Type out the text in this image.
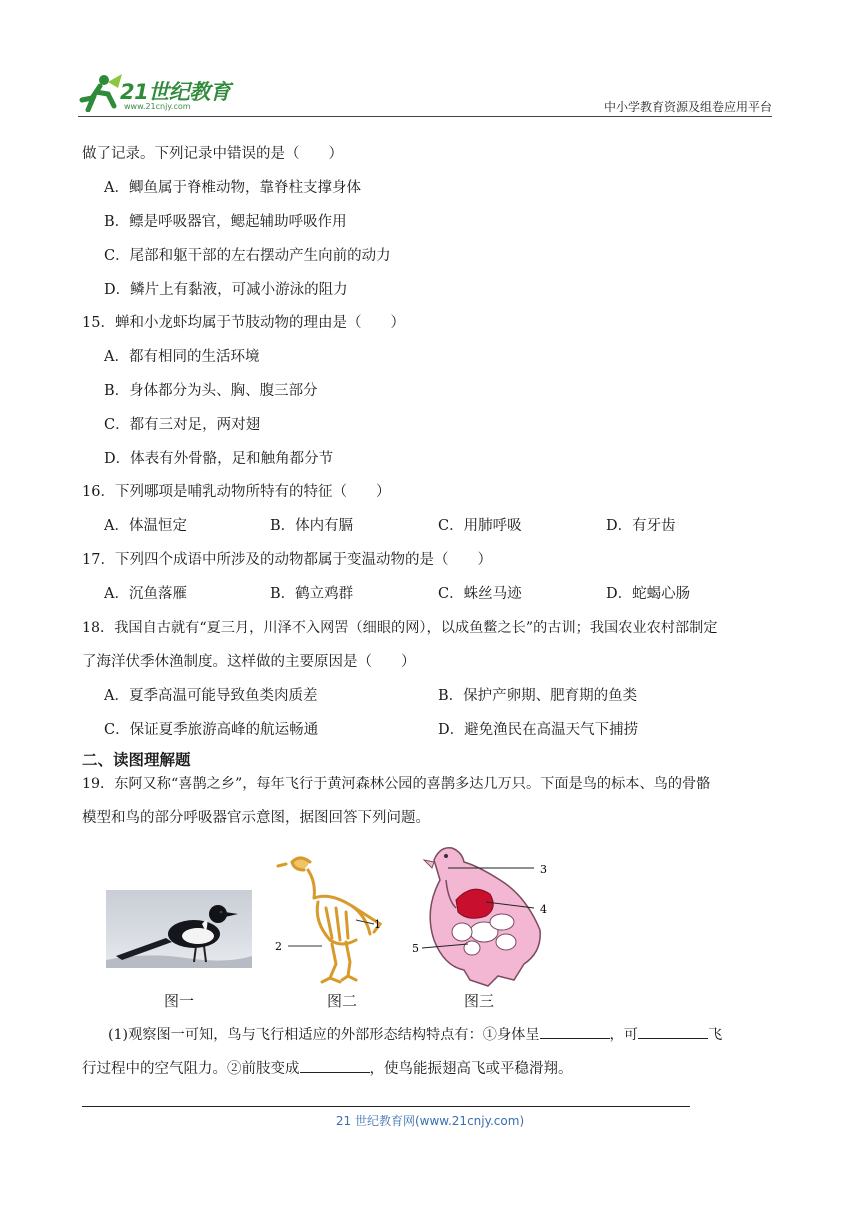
21世纪教育
www.21cnjy.com	中小学教育资源及组卷应用平台
做了记录。下列记录中错误的是（　　）
A．鲫鱼属于脊椎动物，靠脊柱支撑身体
B．鳔是呼吸器官，鳃起辅助呼吸作用
C．尾部和躯干部的左右摆动产生向前的动力
D．鳞片上有黏液，可减小游泳的阻力
15．蝉和小龙虾均属于节肢动物的理由是（　　）
A．都有相同的生活环境
B．身体都分为头、胸、腹三部分
C．都有三对足，两对翅
D．体表有外骨骼，足和触角都分节
16．下列哪项是哺乳动物所特有的特征（　　）
A．体温恒定	B．体内有膈	C．用肺呼吸	D．有牙齿
17．下列四个成语中所涉及的动物都属于变温动物的是（　　）
A．沉鱼落雁	B．鹤立鸡群	C．蛛丝马迹	D．蛇蝎心肠
18．我国自古就有“夏三月，川泽不入网罟（细眼的网），以成鱼鳖之长”的古训；我国农业农村部制定
了海洋伏季休渔制度。这样做的主要原因是（　　）
A．夏季高温可能导致鱼类肉质差	B．保护产卵期、肥育期的鱼类
C．保证夏季旅游高峰的航运畅通	D．避免渔民在高温天气下捕捞
二、读图理解题
19．东阿又称“喜鹊之乡”，每年飞行于黄河森林公园的喜鹊多达几万只。下面是鸟的标本、鸟的骨骼
模型和鸟的部分呼吸器官示意图，据图回答下列问题。
1
2
3
4
5
图一	图二	图三
(1)观察图一可知，鸟与飞行相适应的外部形态结构特点有：①身体呈	，可	飞
行过程中的空气阻力。②前肢变成	，使鸟能振翅高飞或平稳滑翔。
21 世纪教育网(www.21cnjy.com)
